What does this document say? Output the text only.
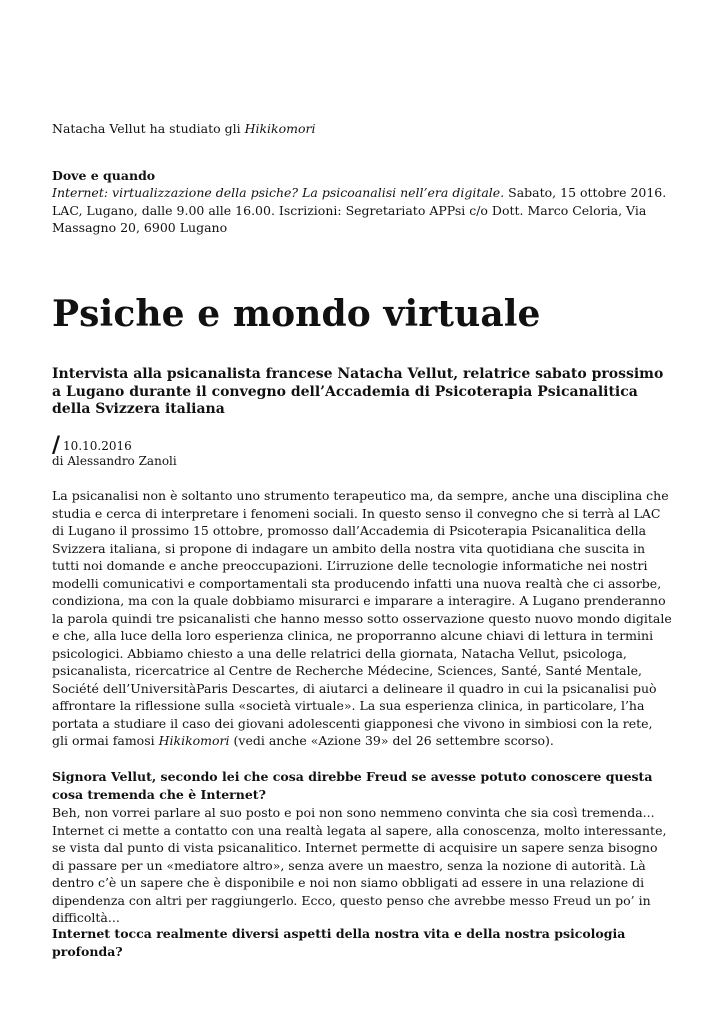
Natacha Vellut ha studiato gli Hikikomori

Dove e quando

Internet: virtualizzazione della psiche? La psicoanalisi nell’era digitale. Sabato, 15 ottobre 2016. LAC, Lugano, dalle 9.00 alle 16.00. Iscrizioni: Segretariato APPsi c/o Dott. Marco Celoria, Via Massagno 20, 6900 Lugano

Psiche e mondo virtuale
Intervista alla psicanalista francese Natacha Vellut, relatrice sabato prossimo a Lugano durante il convegno dell’Accademia di Psicoterapia Psicanalitica della Svizzera italiana
/ 10.10.2016
di Alessandro Zanoli

La psicanalisi non è soltanto uno strumento terapeutico ma, da sempre, anche una disciplina che studia e cerca di interpretare i fenomeni sociali. In questo senso il convegno che si terrà al LAC di Lugano il prossimo 15 ottobre, promosso dall’Accademia di Psicoterapia Psicanalitica della Svizzera italiana, si propone di indagare un ambito della nostra vita quotidiana che suscita in tutti noi domande e anche preoccupazioni. L’irruzione delle tecnologie informatiche nei nostri modelli comunicativi e comportamentali sta producendo infatti una nuova realtà che ci assorbe, condiziona, ma con la quale dobbiamo misurarci e imparare a interagire. A Lugano prenderanno la parola quindi tre psicanalisti che hanno messo sotto osservazione questo nuovo mondo digitale e che, alla luce della loro esperienza clinica, ne proporranno alcune chiavi di lettura in termini psicologici. Abbiamo chiesto a una delle relatrici della giornata, Natacha Vellut, psicologa, psicanalista, ricercatrice al Centre de Recherche Médecine, Sciences, Santé, Santé Mentale, Société dell’UniversitàParis Descartes, di aiutarci a delineare il quadro in cui la psicanalisi può affrontare la riflessione sulla «società virtuale». La sua esperienza clinica, in particolare, l’ha portata a studiare il caso dei giovani adolescenti giapponesi che vivono in simbiosi con la rete, gli ormai famosi Hikikomori (vedi anche «Azione 39» del 26 settembre scorso).

Signora Vellut, secondo lei che cosa direbbe Freud se avesse potuto conoscere questa cosa tremenda che è Internet?

Beh, non vorrei parlare al suo posto e poi non sono nemmeno convinta che sia così tremenda... Internet ci mette a contatto con una realtà legata al sapere, alla conoscenza, molto interessante, se vista dal punto di vista psicanalitico. Internet permette di acquisire un sapere senza bisogno di passare per un «mediatore altro», senza avere un maestro, senza la nozione di autorità. Là dentro c’è un sapere che è disponibile e noi non siamo obbligati ad essere in una relazione di dipendenza con altri per raggiungerlo. Ecco, questo penso che avrebbe messo Freud un po’ in difficoltà...

Internet tocca realmente diversi aspetti della nostra vita e della nostra psicologia profonda?
